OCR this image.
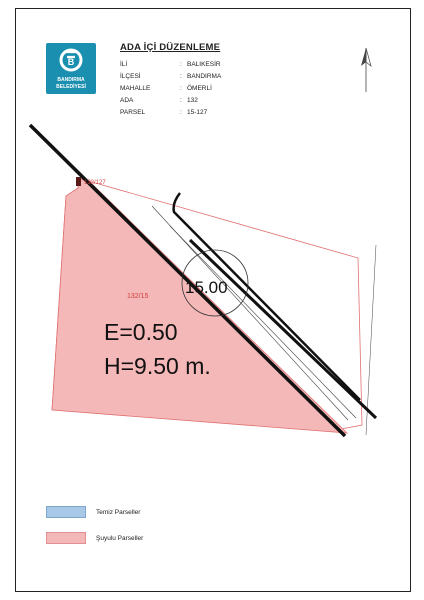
B
BANDIRMA
BELEDİYESİ
ADA İÇİ DÜZENLEME
İLİ	: BALIKESİR
İLÇESİ	: BANDIRMA
MAHALLE	: ÖMERLİ
ADA	: 132
PARSEL	: 15-127
132/127
132/15 15.00
E=0.50
H=9.50 m.
Temiz Parseller
Şuyulu Parseller
